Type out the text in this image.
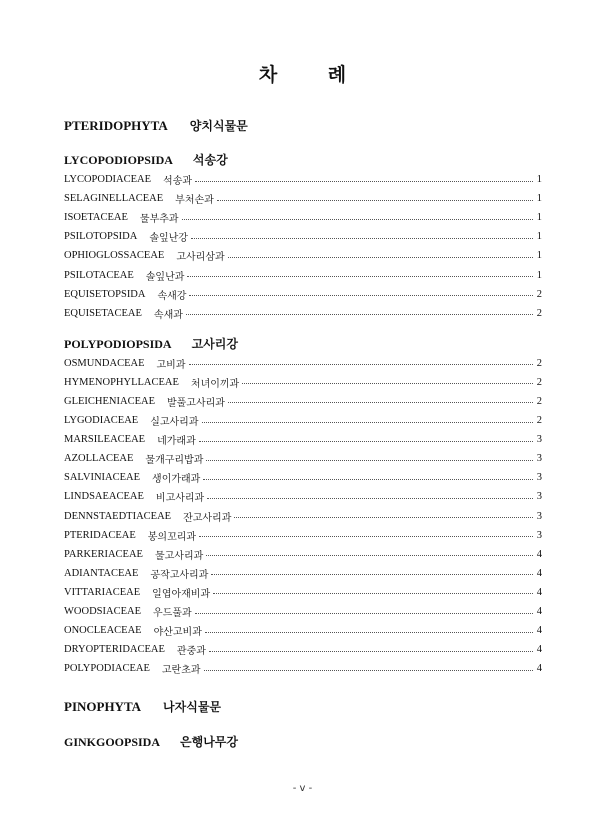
차 례
PTERIDOPHYTA 양치식물문
LYCOPODIOPSIDA 석송강
LYCOPODIACEAE 석송과	1
SELAGINELLACEAE 부처손과	1
ISOETACEAE 물부추과	1
PSILOTOPSIDA 솔잎난강	1
OPHIOGLOSSACEAE 고사리삼과	1
PSILOTACEAE 솔잎난과	1
EQUISETOPSIDA 속새강	2
EQUISETACEAE 속새과	2
POLYPODIOPSIDA 고사리강
OSMUNDACEAE 고비과	2
HYMENOPHYLLACEAE 처녀이끼과	2
GLEICHENIACEAE 발풀고사리과	2
LYGODIACEAE 실고사리과	2
MARSILEACEAE 네가래과	3
AZOLLACEAE 물개구리밥과	3
SALVINIACEAE 생이가래과	3
LINDSAEACEAE 비고사리과	3
DENNSTAEDTIACEAE 잔고사리과	3
PTERIDACEAE 봉의꼬리과	3
PARKERIACEAE 물고사리과	4
ADIANTACEAE 공작고사리과	4
VITTARIACEAE 일엽아재비과	4
WOODSIACEAE 우드풀과	4
ONOCLEACEAE 야산고비과	4
DRYOPTERIDACEAE 관중과	4
POLYPODIACEAE 고란초과	4
PINOPHYTA 나자식물문
GINKGOOPSIDA 은행나무강
- v -
